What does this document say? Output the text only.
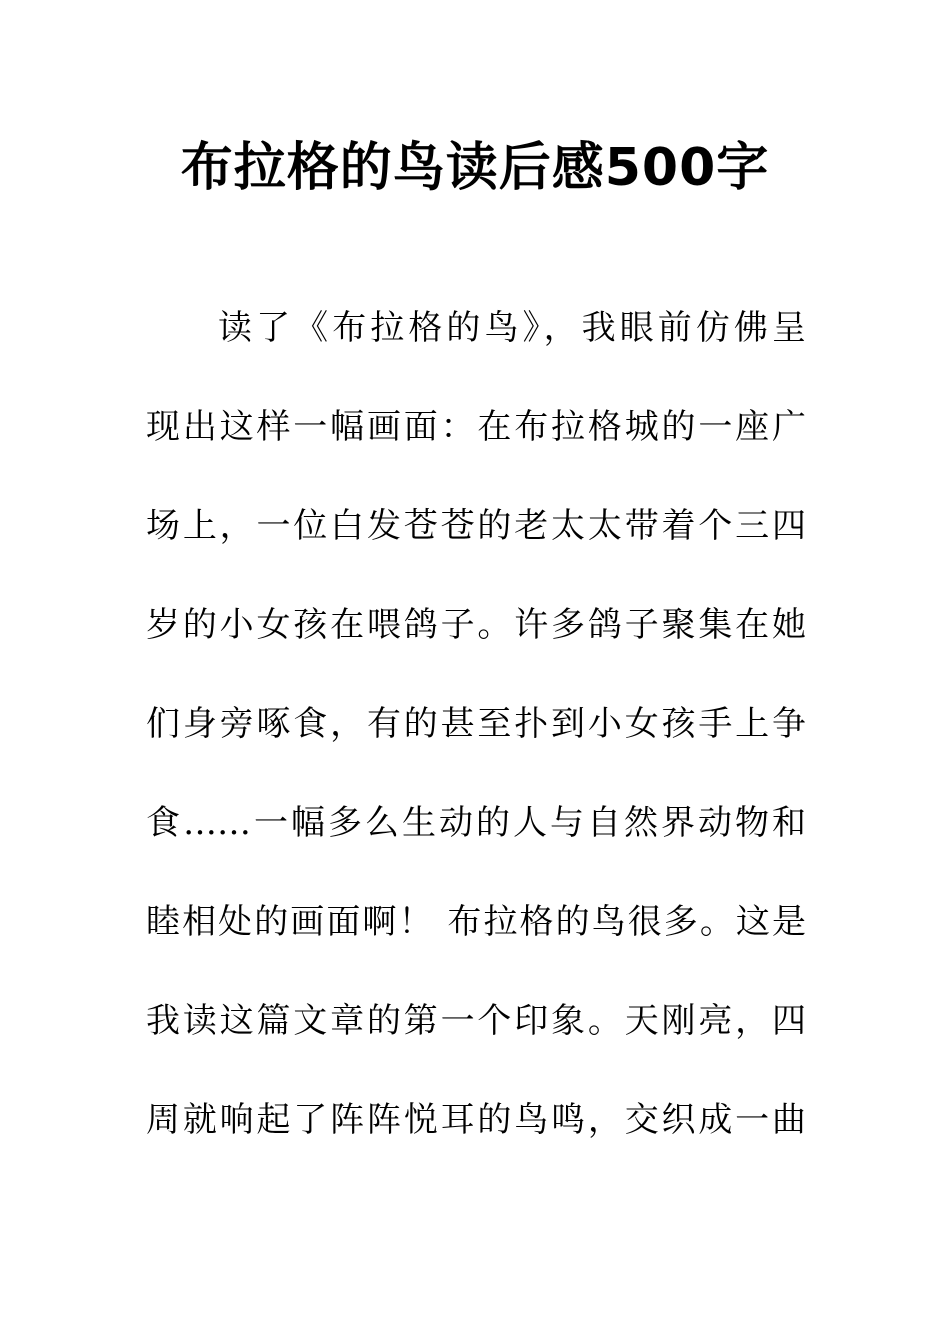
布拉格的鸟读后感500字
读了《布拉格的鸟》，我眼前仿佛呈
现出这样一幅画面：在布拉格城的一座广
场上，一位白发苍苍的老太太带着个三四
岁的小女孩在喂鸽子。许多鸽子聚集在她
们身旁啄食，有的甚至扑到小女孩手上争
食……一幅多么生动的人与自然界动物和
睦相处的画面啊！ 布拉格的鸟很多。这是
我读这篇文章的第一个印象。天刚亮，四
周就响起了阵阵悦耳的鸟鸣，交织成一曲
